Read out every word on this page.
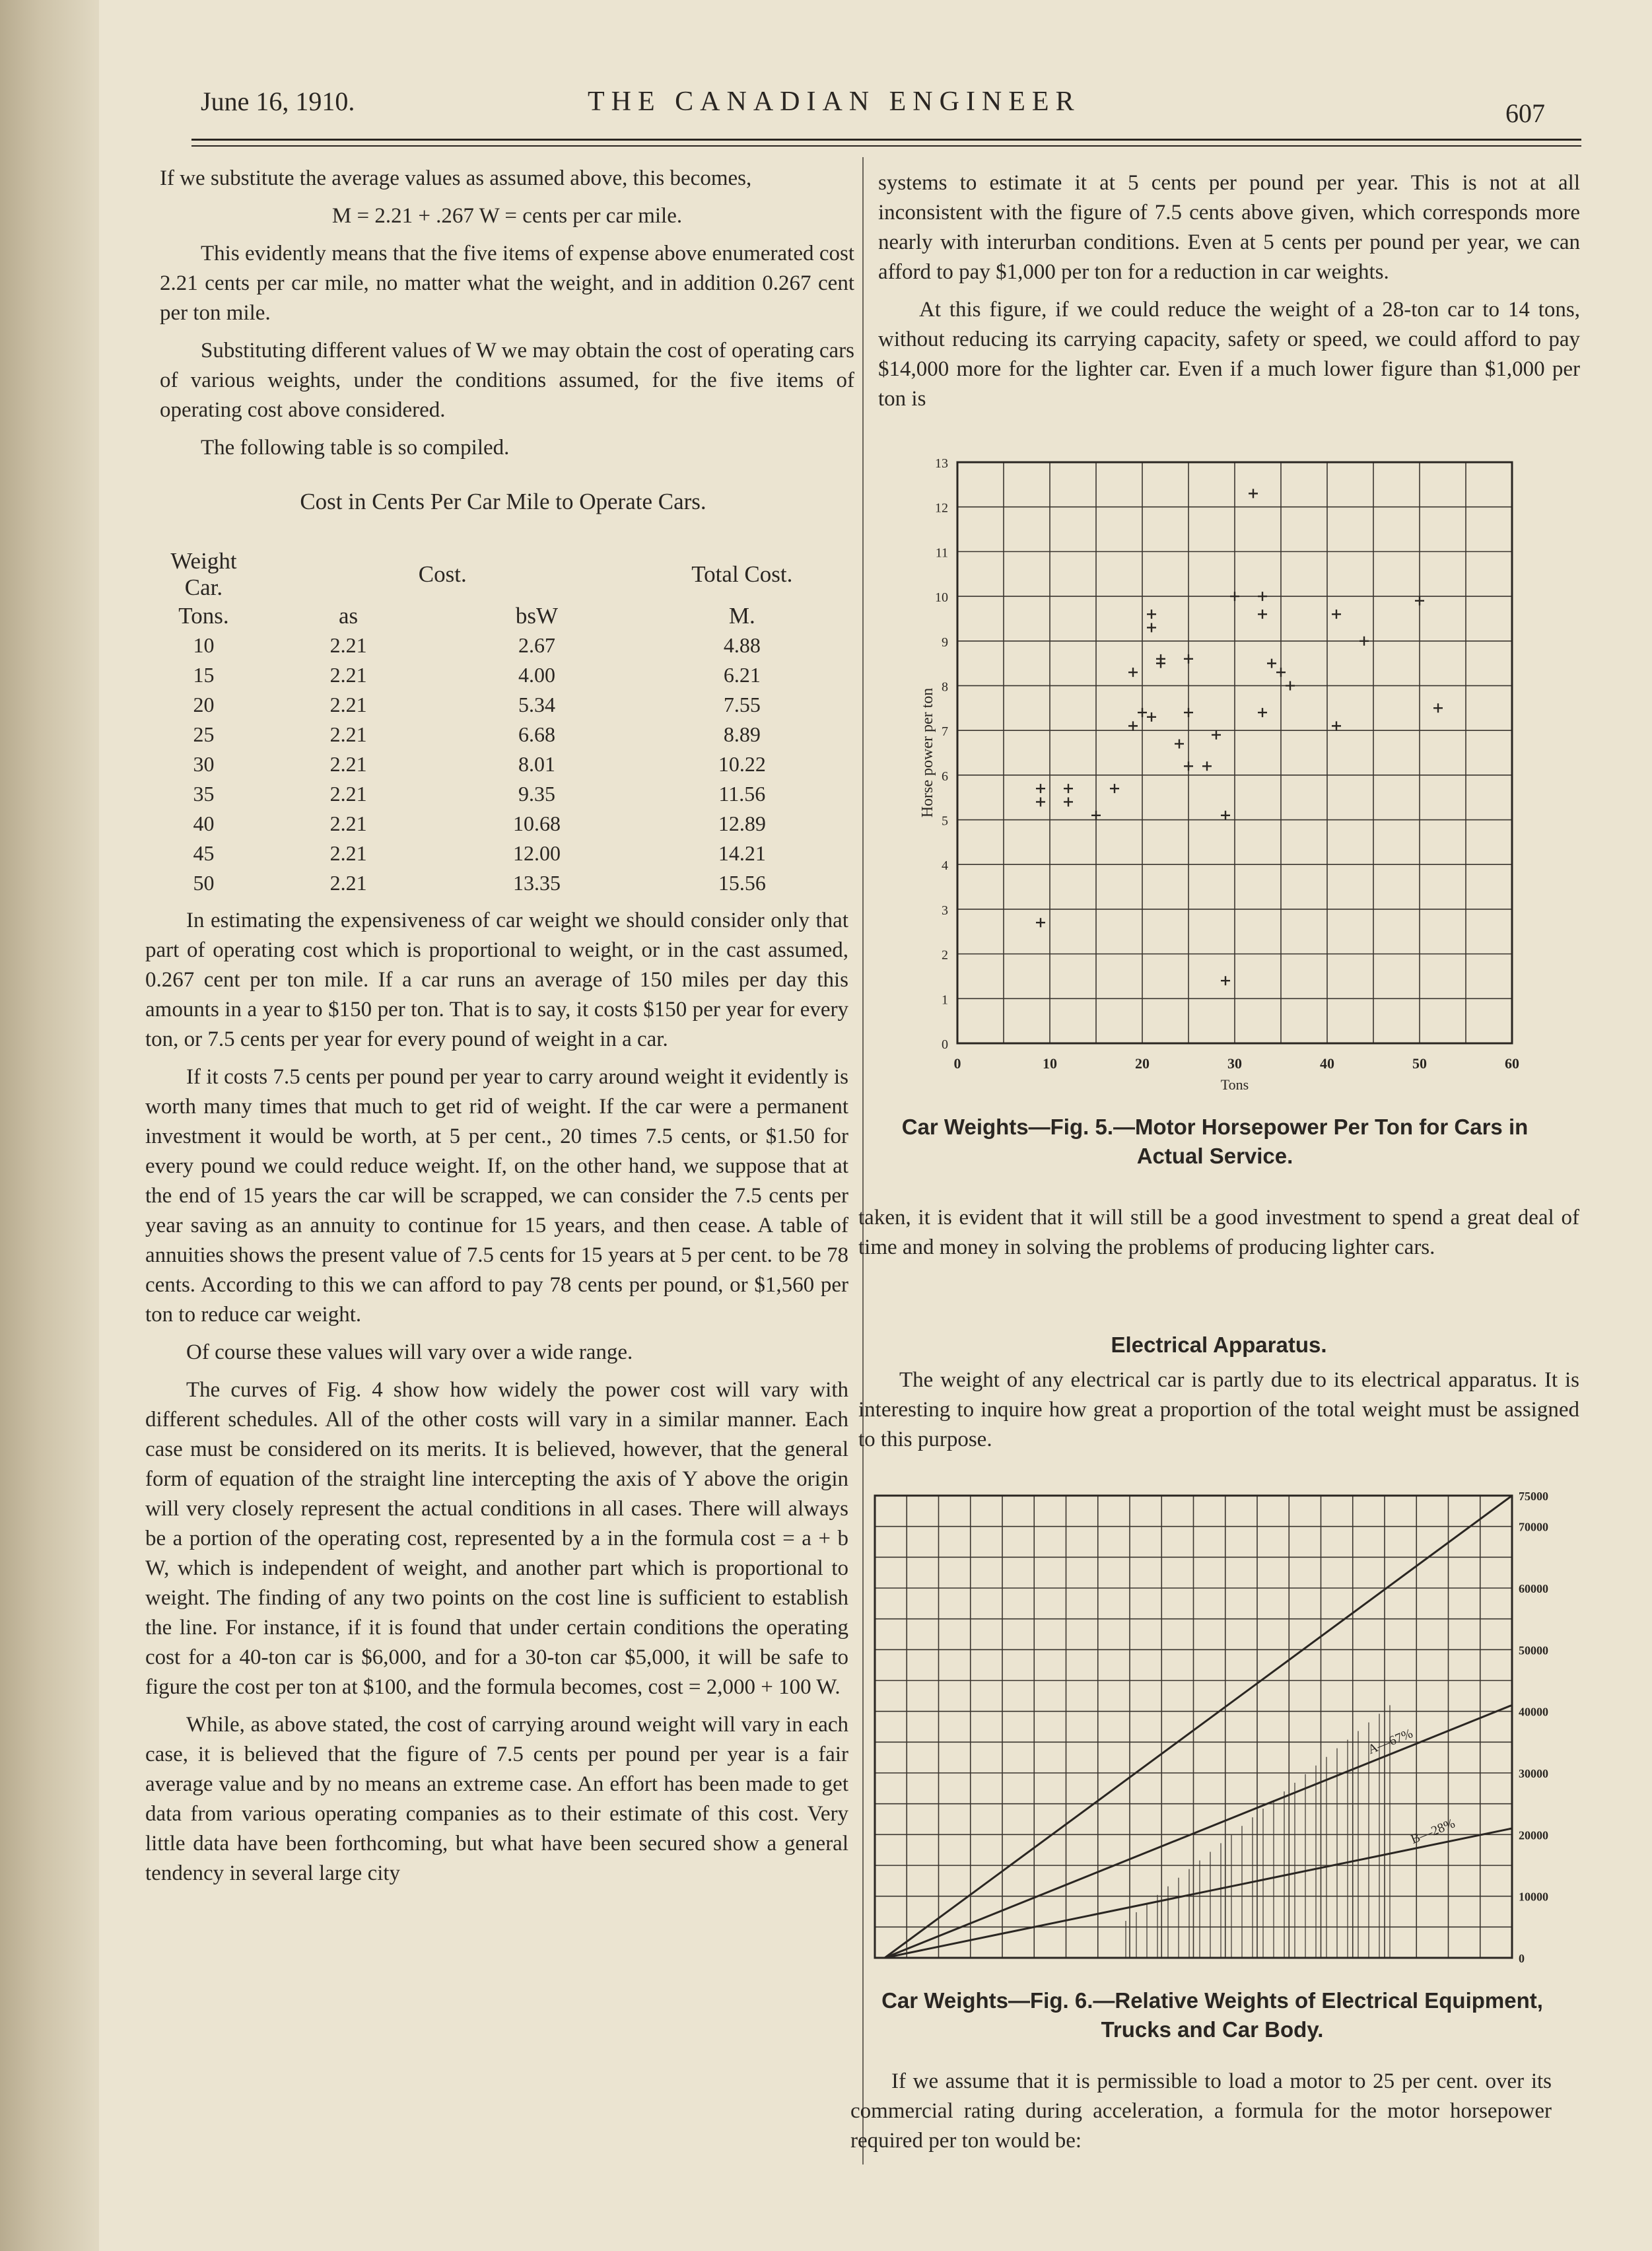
June 16, 1910.	THE CANADIAN ENGINEER	607

If we substitute the average values as assumed above, this becomes,

M = 2.21 + .267 W = cents per car mile.

This evidently means that the five items of expense above enumerated cost 2.21 cents per car mile, no matter what the weight, and in addition 0.267 cent per ton mile.

Substituting different values of W we may obtain the cost of operating cars of various weights, under the conditions assumed, for the five items of operating cost above considered.

The following table is so compiled.

Cost in Cents Per Car Mile to Operate Cars.
Weight Car.	Cost.		Total Cost.
Tons.	as	bsW	M.
10	2.21	2.67	4.88
15	2.21	4.00	6.21
20	2.21	5.34	7.55
25	2.21	6.68	8.89
30	2.21	8.01	10.22
35	2.21	9.35	11.56
40	2.21	10.68	12.89
45	2.21	12.00	14.21
50	2.21	13.35	15.56

In estimating the expensiveness of car weight we should consider only that part of operating cost which is proportional to weight, or in the cast assumed, 0.267 cent per ton mile. If a car runs an average of 150 miles per day this amounts in a year to $150 per ton. That is to say, it costs $150 per year for every ton, or 7.5 cents per year for every pound of weight in a car.

If it costs 7.5 cents per pound per year to carry around weight it evidently is worth many times that much to get rid of weight. If the car were a permanent investment it would be worth, at 5 per cent., 20 times 7.5 cents, or $1.50 for every pound we could reduce weight. If, on the other hand, we suppose that at the end of 15 years the car will be scrapped, we can consider the 7.5 cents per year saving as an annuity to continue for 15 years, and then cease. A table of annuities shows the present value of 7.5 cents for 15 years at 5 per cent. to be 78 cents. According to this we can afford to pay 78 cents per pound, or $1,560 per ton to reduce car weight.

Of course these values will vary over a wide range.

The curves of Fig. 4 show how widely the power cost will vary with different schedules. All of the other costs will vary in a similar manner. Each case must be considered on its merits. It is believed, however, that the general form of equation of the straight line intercepting the axis of Y above the origin will very closely represent the actual conditions in all cases. There will always be a portion of the operating cost, represented by a in the formula cost = a + b W, which is independent of weight, and another part which is proportional to weight. The finding of any two points on the cost line is sufficient to establish the line. For instance, if it is found that under certain conditions the operating cost for a 40-ton car is $6,000, and for a 30-ton car $5,000, it will be safe to figure the cost per ton at $100, and the formula becomes, cost = 2,000 + 100 W.

While, as above stated, the cost of carrying around weight will vary in each case, it is believed that the figure of 7.5 cents per pound per year is a fair average value and by no means an extreme case. An effort has been made to get data from various operating companies as to their estimate of this cost. Very little data have been forthcoming, but what have been secured show a general tendency in several large city

systems to estimate it at 5 cents per pound per year. This is not at all inconsistent with the figure of 7.5 cents above given, which corresponds more nearly with interurban conditions. Even at 5 cents per pound per year, we can afford to pay $1,000 per ton for a reduction in car weights.

At this figure, if we could reduce the weight of a 28-ton car to 14 tons, without reducing its carrying capacity, safety or speed, we could afford to pay $14,000 more for the lighter car. Even if a much lower figure than $1,000 per ton is

0	10	20	30	40	50	60
0
1
2
3
4
5
6
7
8
9
10
11
12
13
Tons
Horse power per ton
Car Weights—Fig. 5.—Motor Horsepower Per Ton for Cars in Actual Service.

taken, it is evident that it will still be a good investment to spend a great deal of time and money in solving the problems of producing lighter cars.

Electrical Apparatus.

The weight of any electrical car is partly due to its electrical apparatus. It is interesting to inquire how great a proportion of the total weight must be assigned to this purpose.

A—67%
B—28%
0
10000
20000
30000
40000
50000
60000
70000
75000
Car Weights—Fig. 6.—Relative Weights of Electrical Equipment, Trucks and Car Body.

If we assume that it is permissible to load a motor to 25 per cent. over its commercial rating during acceleration, a formula for the motor horsepower required per ton would be:
